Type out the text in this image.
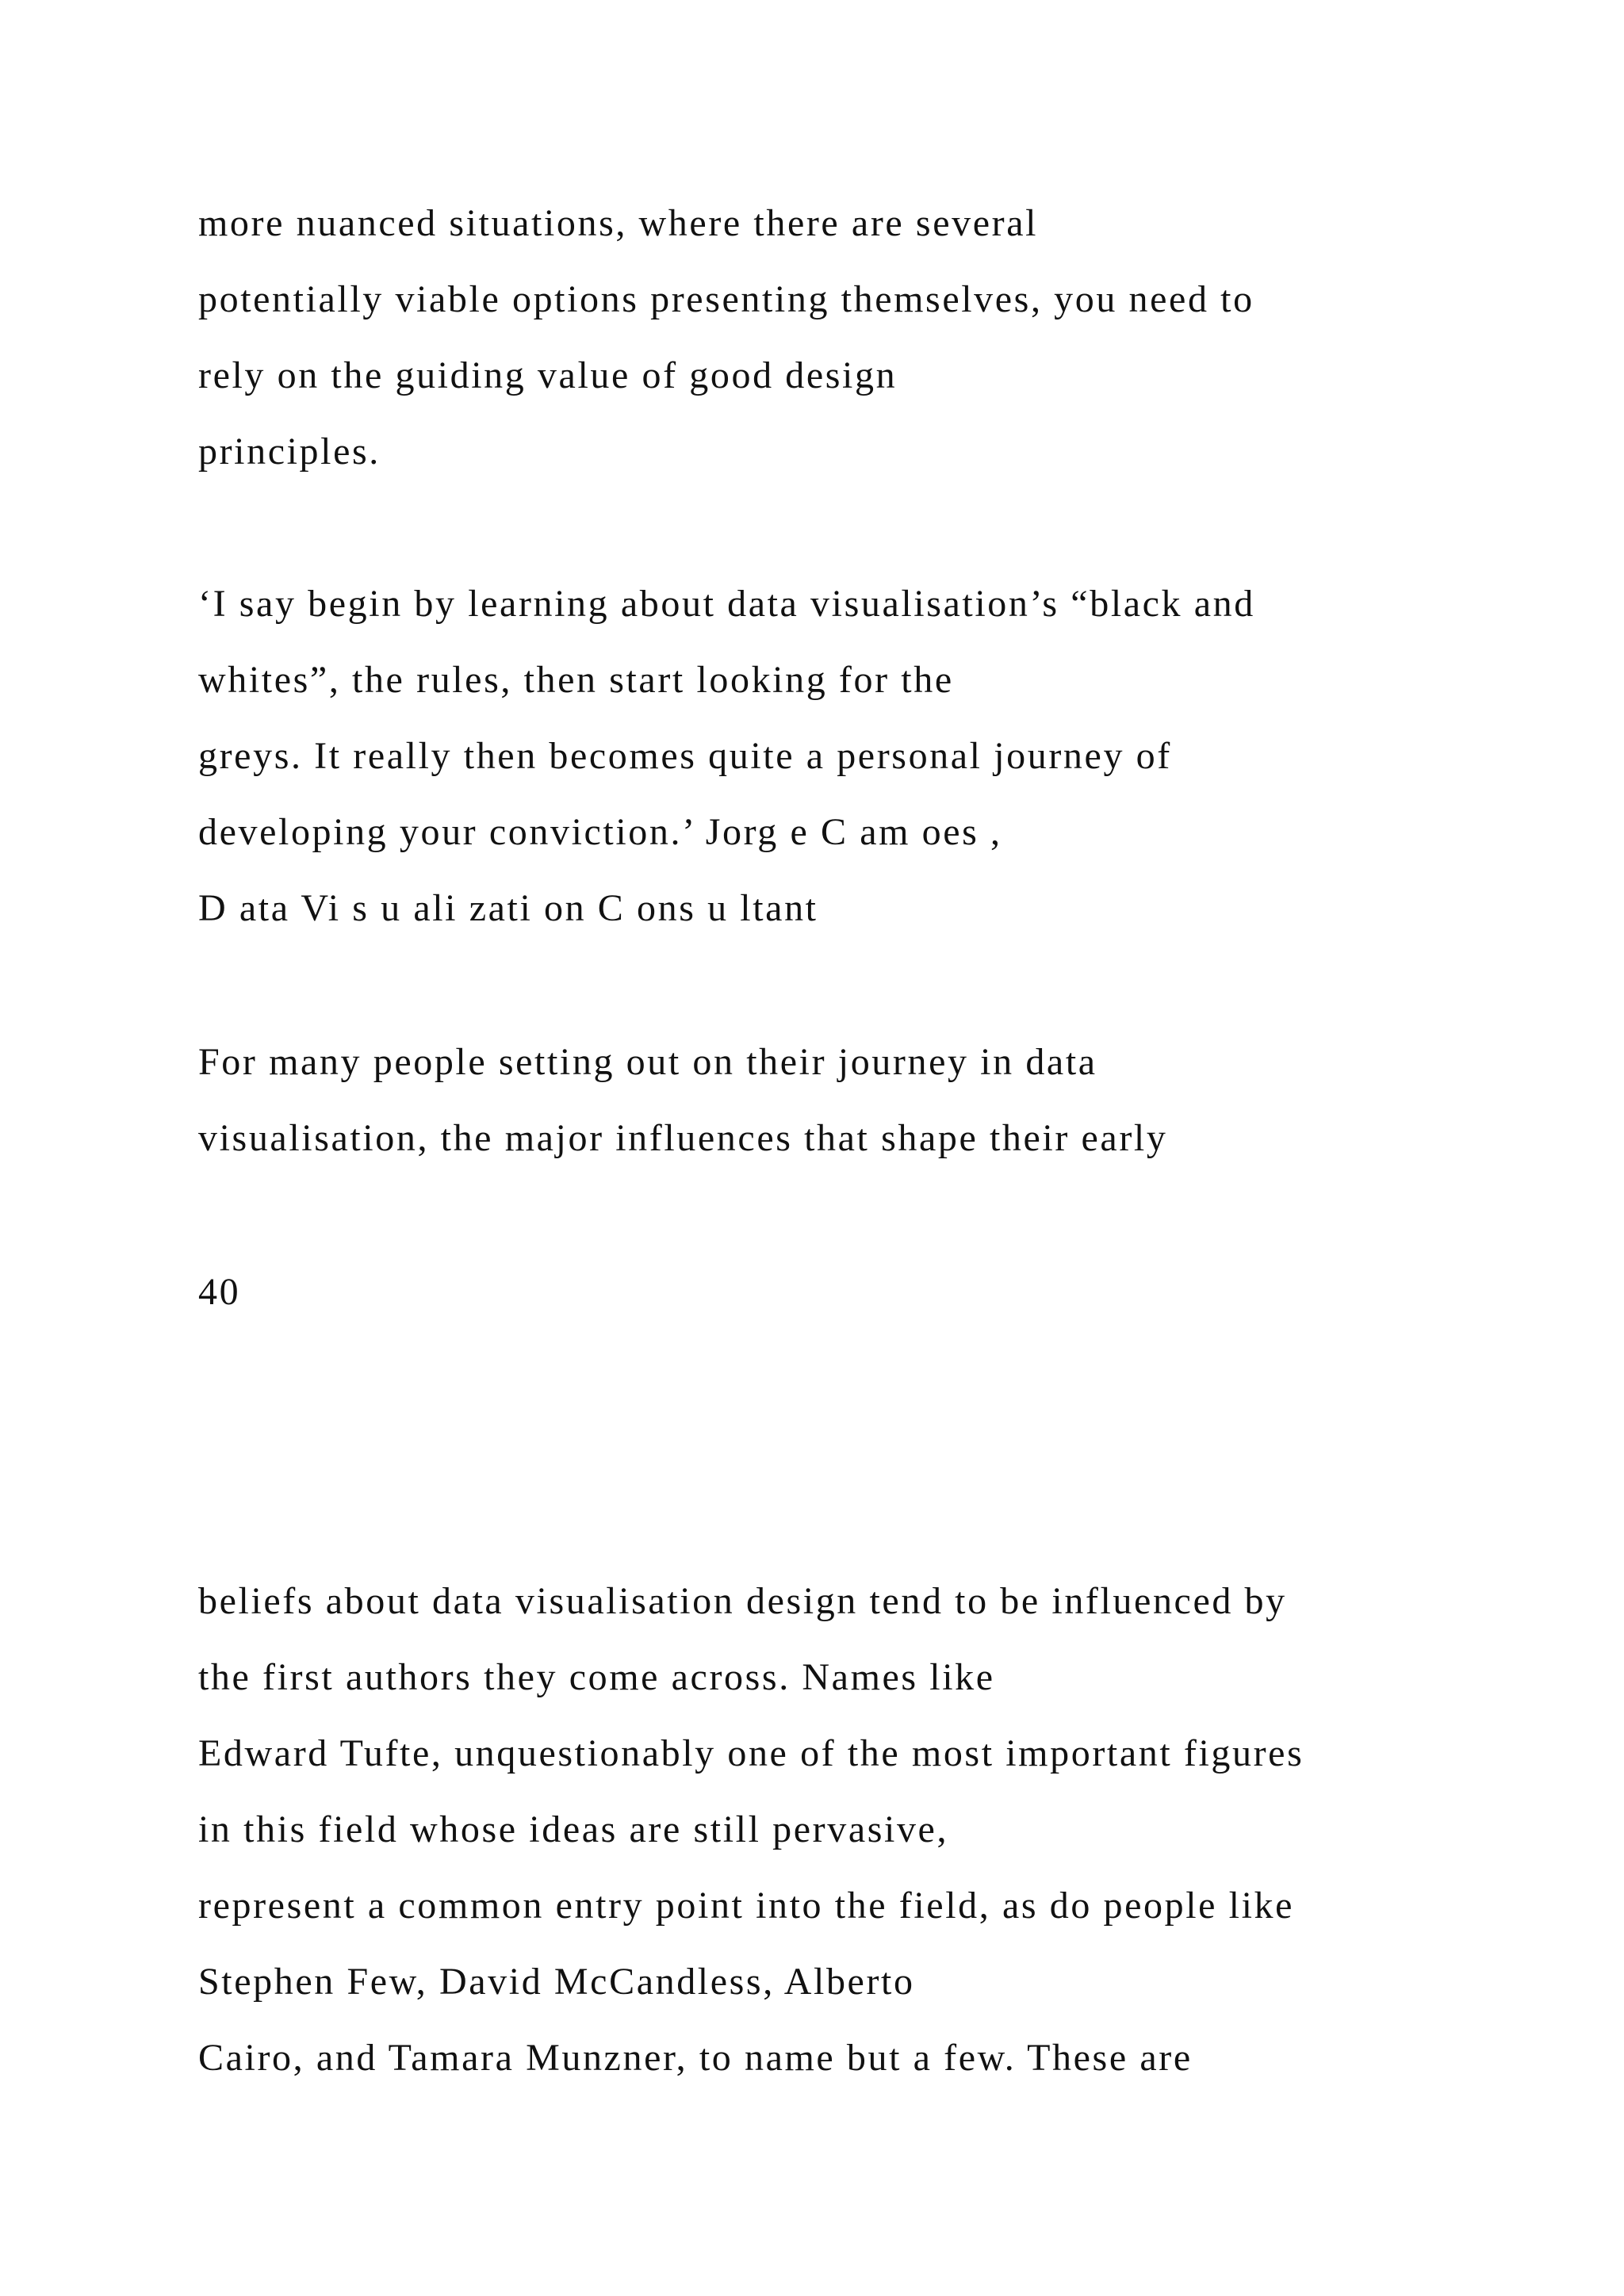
more nuanced situations, where there are several

potentially viable options presenting themselves, you need to

rely on the guiding value of good design

principles.

‘I say begin by learning about data visualisation’s “black and

whites”, the rules, then start looking for the

greys. It really then becomes quite a personal journey of

developing your conviction.’ Jorg e C am oes ,

D ata Vi s u ali zati on C ons u ltant

For many people setting out on their journey in data

visualisation, the major influences that shape their early

40

beliefs about data visualisation design tend to be influenced by

the first authors they come across. Names like

Edward Tufte, unquestionably one of the most important figures

in this field whose ideas are still pervasive,

represent a common entry point into the field, as do people like

Stephen Few, David McCandless, Alberto

Cairo, and Tamara Munzner, to name but a few. These are
